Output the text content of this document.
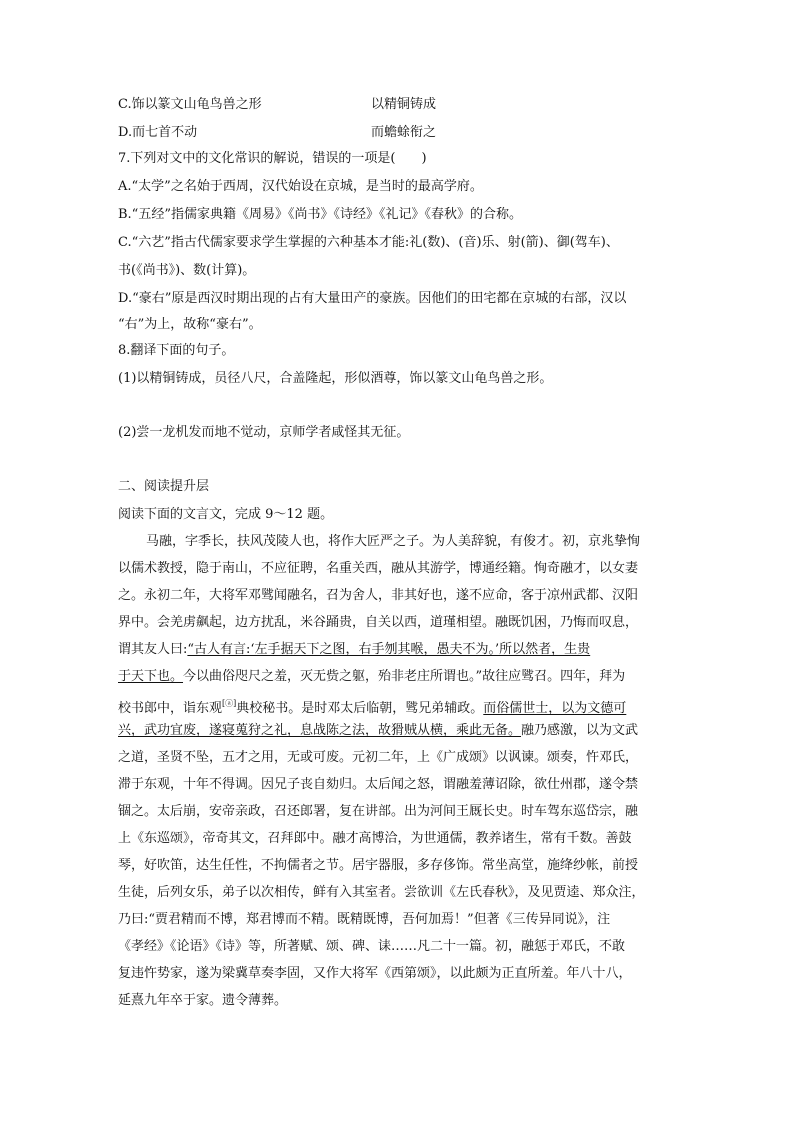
C.饰以篆文山龟鸟兽之形	以精铜铸成
D.而七首不动	而蟾蜍衔之
7.下列对文中的文化常识的解说，错误的一项是(　　)
A.“太学”之名始于西周，汉代始设在京城，是当时的最高学府。
B.“五经”指儒家典籍《周易》《尚书》《诗经》《礼记》《春秋》的合称。
C.“六艺”指古代儒家要求学生掌握的六种基本才能:礼(数)、(音)乐、射(箭)、御(驾车)、
书(《尚书》)、数(计算)。
D.“豪右”原是西汉时期出现的占有大量田产的豪族。因他们的田宅都在京城的右部，汉以
“右”为上，故称“豪右”。
8.翻译下面的句子。
(1)以精铜铸成，员径八尺，合盖隆起，形似酒尊，饰以篆文山龟鸟兽之形。
(2)尝一龙机发而地不觉动，京师学者咸怪其无征。
二、阅读提升层
阅读下面的文言文，完成 9～12 题。
马融，字季长，扶风茂陵人也，将作大匠严之子。为人美辞貌，有俊才。初，京兆挚恂
以儒术教授，隐于南山，不应征聘，名重关西，融从其游学，博通经籍。恂奇融才，以女妻
之。永初二年，大将军邓骘闻融名，召为舍人，非其好也，遂不应命，客于凉州武都、汉阳
界中。会羌虏飙起，边方扰乱，米谷踊贵，自关以西，道瑾相望。融既饥困，乃悔而叹息，
谓其友人曰:“古人有言:‘左手据天下之图，右手刎其喉，愚夫不为。’所以然者，生贵
于天下也。今以曲俗咫尺之羞，灭无赀之躯，殆非老庄所谓也。”故往应骘召。四年，拜为
校书郎中，诣东观[ⓐ]典校秘书。是时邓太后临朝，骘兄弟辅政。而俗儒世士，以为文德可
兴，武功宜废，遂寝蒐狩之礼，息战陈之法，故猾贼从横，乘此无备。融乃感激，以为文武
之道，圣贤不坠，五才之用，无或可废。元初二年，上《广成颂》以讽谏。颂奏，忤邓氏，
滞于东观，十年不得调。因兄子丧自劾归。太后闻之怒，谓融羞薄诏除，欲仕州郡，遂令禁
锢之。太后崩，安帝亲政，召还郎署，复在讲部。出为河间王厩长史。时车驾东巡岱宗，融
上《东巡颂》，帝奇其文，召拜郎中。融才高博洽，为世通儒，教养诸生，常有千数。善鼓
琴，好吹笛，达生任性，不拘儒者之节。居宇器服，多存侈饰。常坐高堂，施绛纱帐，前授
生徒，后列女乐，弟子以次相传，鲜有入其室者。尝欲训《左氏春秋》，及见贾逵、郑众注，
乃曰:“贾君精而不博，郑君博而不精。既精既博，吾何加焉！”但著《三传异同说》，注
《孝经》《论语》《诗》等，所著赋、颂、碑、诔……凡二十一篇。初，融惩于邓氏，不敢
复违忤势家，遂为梁冀草奏李固，又作大将军《西第颂》，以此颇为正直所羞。年八十八，
延熹九年卒于家。遗令薄葬。
